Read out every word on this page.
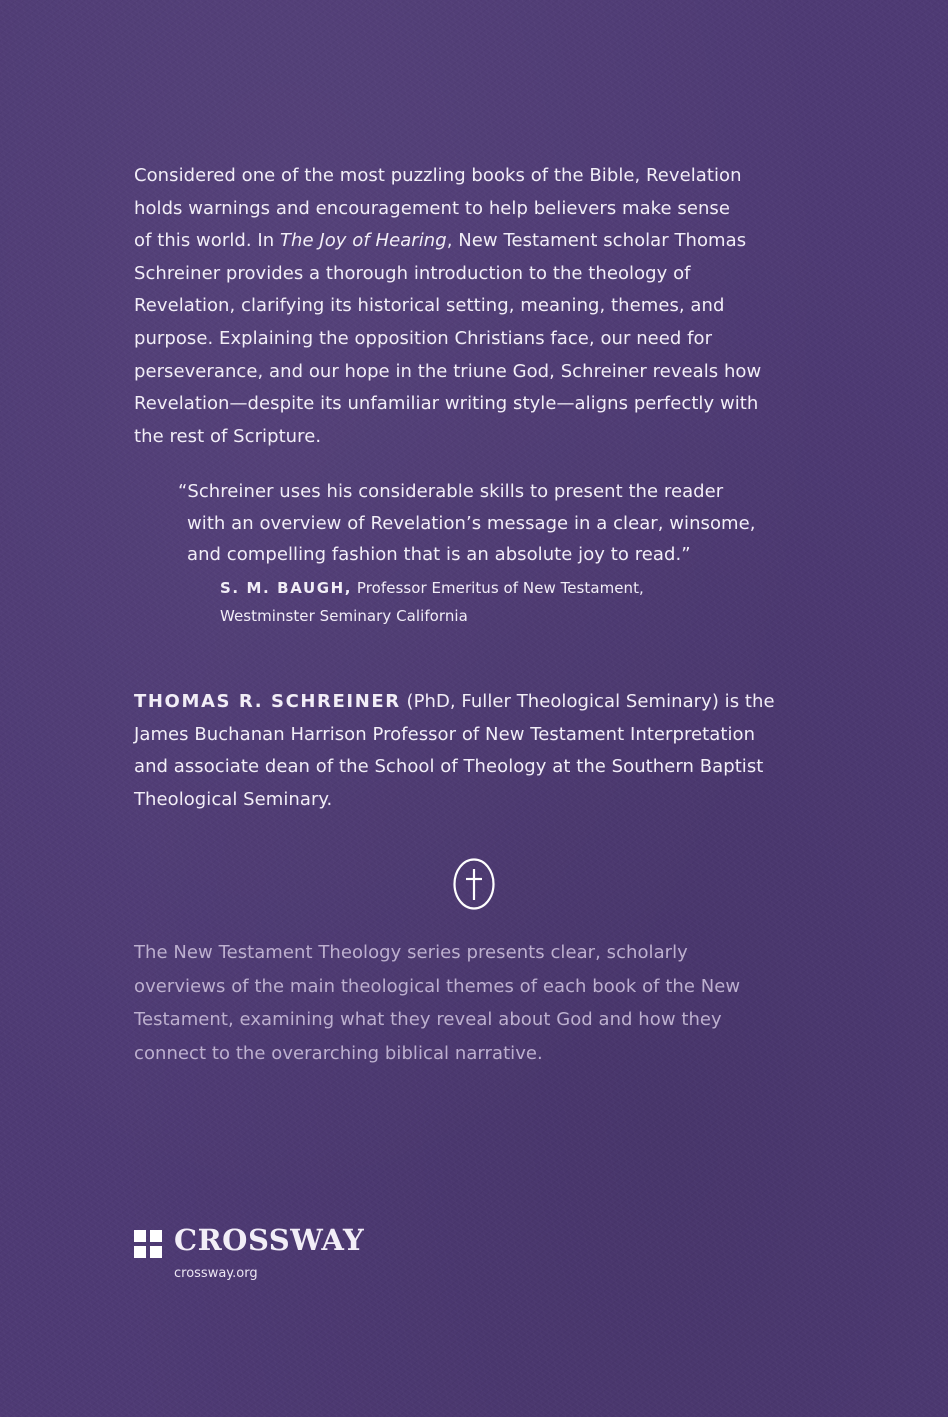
Considered one of the most puzzling books of the Bible, Revelation
holds warnings and encouragement to help believers make sense
of this world. In The Joy of Hearing, New Testament scholar Thomas
Schreiner provides a thorough introduction to the theology of
Revelation, clarifying its historical setting, meaning, themes, and
purpose. Explaining the opposition Christians face, our need for
perseverance, and our hope in the triune God, Schreiner reveals how
Revelation—despite its unfamiliar writing style—aligns perfectly with
the rest of Scripture.
“Schreiner uses his considerable skills to present the reader
with an overview of Revelation’s message in a clear, winsome,
and compelling fashion that is an absolute joy to read.”
S. M. BAUGH, Professor Emeritus of New Testament,
Westminster Seminary California
THOMAS R. SCHREINER (PhD, Fuller Theological Seminary) is the
James Buchanan Harrison Professor of New Testament Interpretation
and associate dean of the School of Theology at the Southern Baptist
Theological Seminary.
The New Testament Theology series presents clear, scholarly
overviews of the main theological themes of each book of the New
Testament, examining what they reveal about God and how they
connect to the overarching biblical narrative.
CROSSWAY
crossway.org
